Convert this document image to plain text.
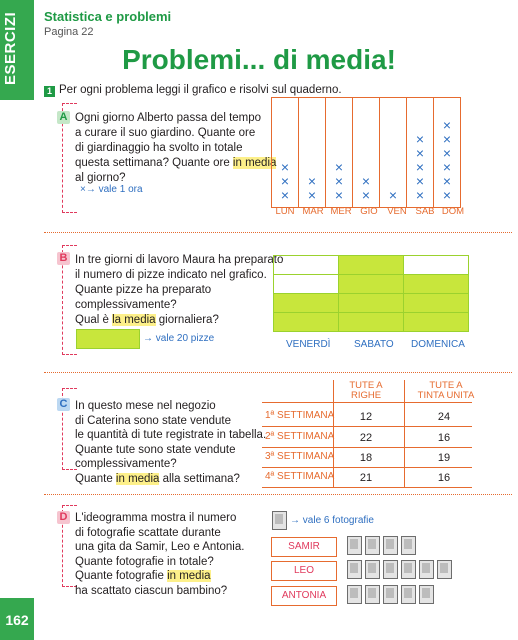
ESERCIZI	Statistica e problemi
Pagina 22
Problemi... di media!
1 Per ogni problema leggi il grafico e risolvi sul quaderno.
A Ogni giorno Alberto passa del tempo
a curare il suo giardino. Quante ore
di giardinaggio ha svolto in totale
questa settimana? Quante ore in media
al giorno?
×→ vale 1 ora
×
×
×

×
×

×
×
×

×
×	×

×
×
×
×
×

×
×
×
×
×
×
LUN MAR MER GIO	VEN SAB DOM
B In tre giorni di lavoro Maura ha preparato
il numero di pizze indicato nel grafico.
Quante pizze ha preparato
complessivamente?
Qual è la media giornaliera?
→ vale 20 pizze

VENERDÌ SABATO DOMENICA
C In questo mese nel negozio
di Caterina sono state vendute
le quantità di tute registrate in tabella.
Quante tute sono state vendute
complessivamente?
Quante in media alla settimana?
TUTE A
RIGHE
TUTE A
TINTA UNITA
1ª SETTIMANA	12	24
2ª SETTIMANA	22	16
3ª SETTIMANA	18	19
4ª SETTIMANA	21	16
D L'ideogramma mostra il numero
di fotografie scattate durante
una gita da Samir, Leo e Antonia.
Quante fotografie in totale?
Quante fotografie in media
ha scattato ciascun bambino?
→ vale 6 fotografie
SAMIR
LEO
ANTONIA
162
